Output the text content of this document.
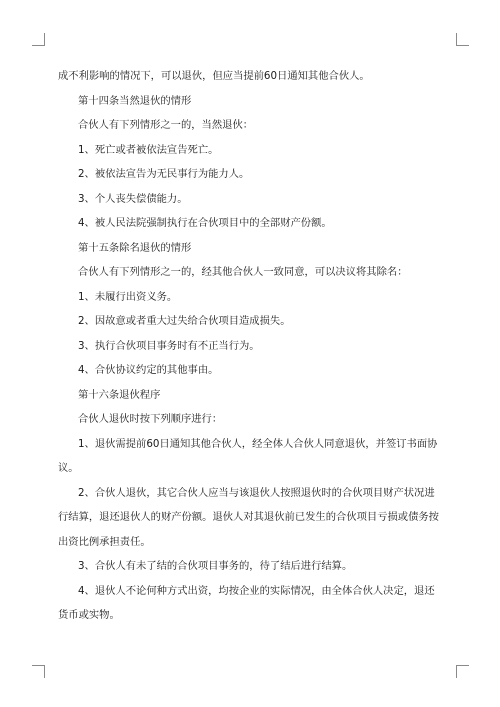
成不利影响的情况下，可以退伙，但应当提前60日通知其他合伙人。

第十四条当然退伙的情形

合伙人有下列情形之一的，当然退伙：

1、死亡或者被依法宣告死亡。

2、被依法宣告为无民事行为能力人。

3、个人丧失偿债能力。

4、被人民法院强制执行在合伙项目中的全部财产份额。

第十五条除名退伙的情形

合伙人有下列情形之一的，经其他合伙人一致同意，可以决议将其除名：

1、未履行出资义务。

2、因故意或者重大过失给合伙项目造成损失。

3、执行合伙项目事务时有不正当行为。

4、合伙协议约定的其他事由。

第十六条退伙程序

合伙人退伙时按下列顺序进行：

1、退伙需提前60日通知其他合伙人，经全体人合伙人同意退伙，并签订书面协议。

2、合伙人退伙，其它合伙人应当与该退伙人按照退伙时的合伙项目财产状况进行结算，退还退伙人的财产份额。退伙人对其退伙前已发生的合伙项目亏损或债务按出资比例承担责任。

3、合伙人有未了结的合伙项目事务的，待了结后进行结算。

4、退伙人不论何种方式出资，均按企业的实际情况，由全体合伙人决定，退还货币或实物。
